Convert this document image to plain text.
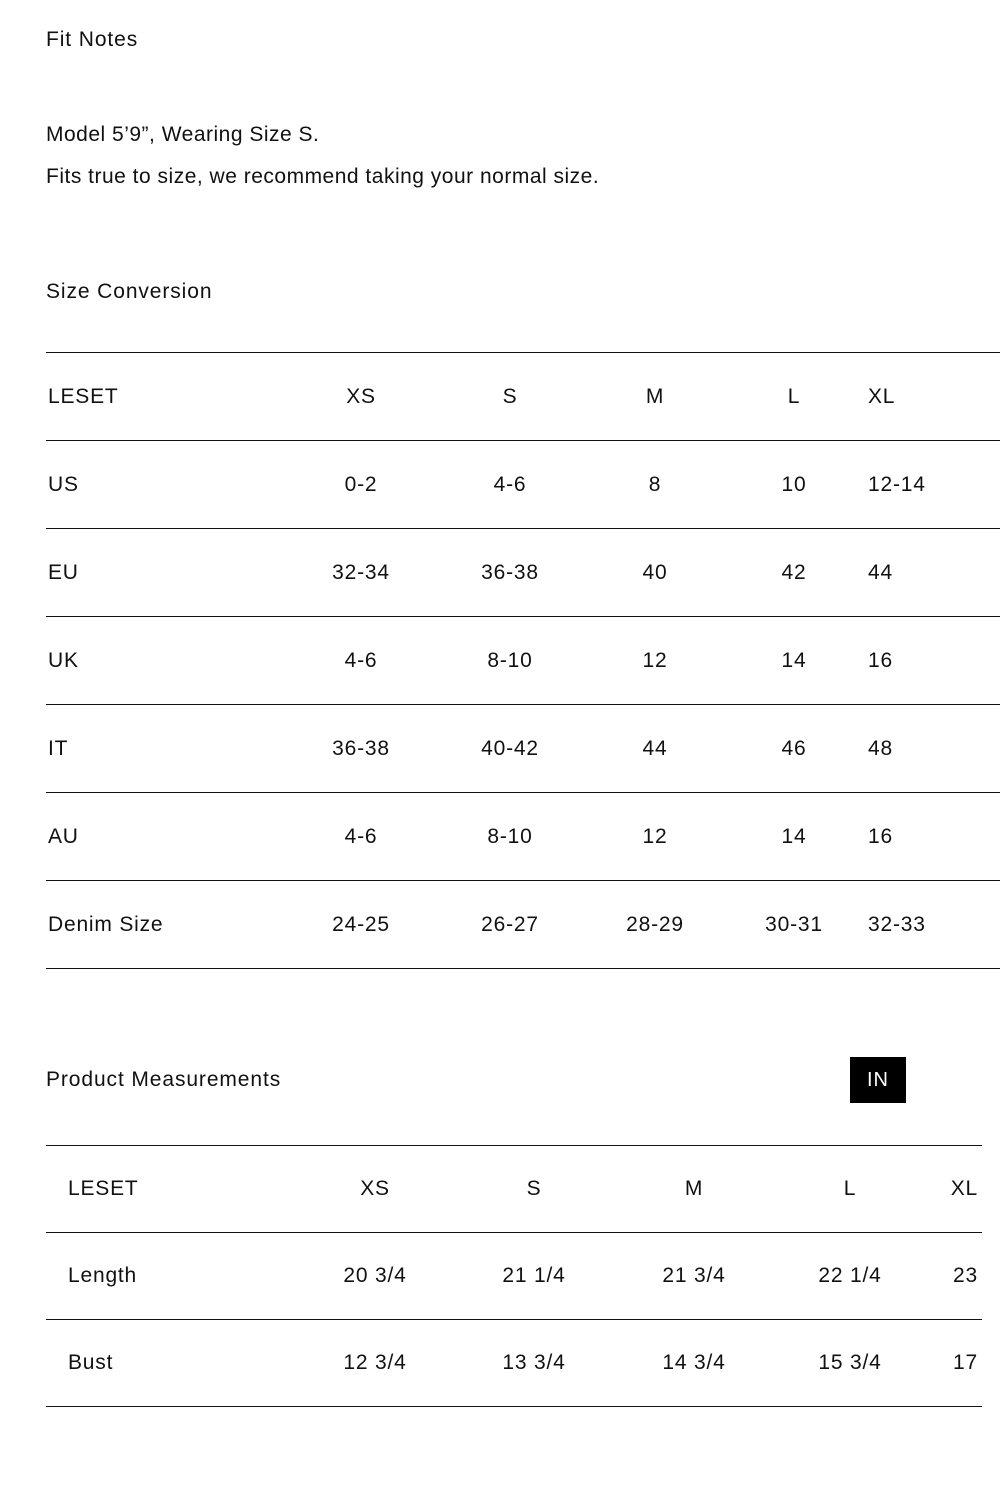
Fit Notes
Model 5’9”, Wearing Size S.
Fits true to size, we recommend taking your normal size.
Size Conversion
LESET	XS	S	M	L	XL
US	0-2	4-6	8	10	12-14
EU	32-34	36-38	40	42	44
UK	4-6	8-10	12	14	16
IT	36-38	40-42	44	46	48
AU	4-6	8-10	12	14	16
Denim Size	24-25	26-27	28-29	30-31	32-33
Product Measurements	IN
LESET	XS	S	M	L	XL
Length	20 3/4	21 1/4	21 3/4	22 1/4	23
Bust	12 3/4	13 3/4	14 3/4	15 3/4	17
